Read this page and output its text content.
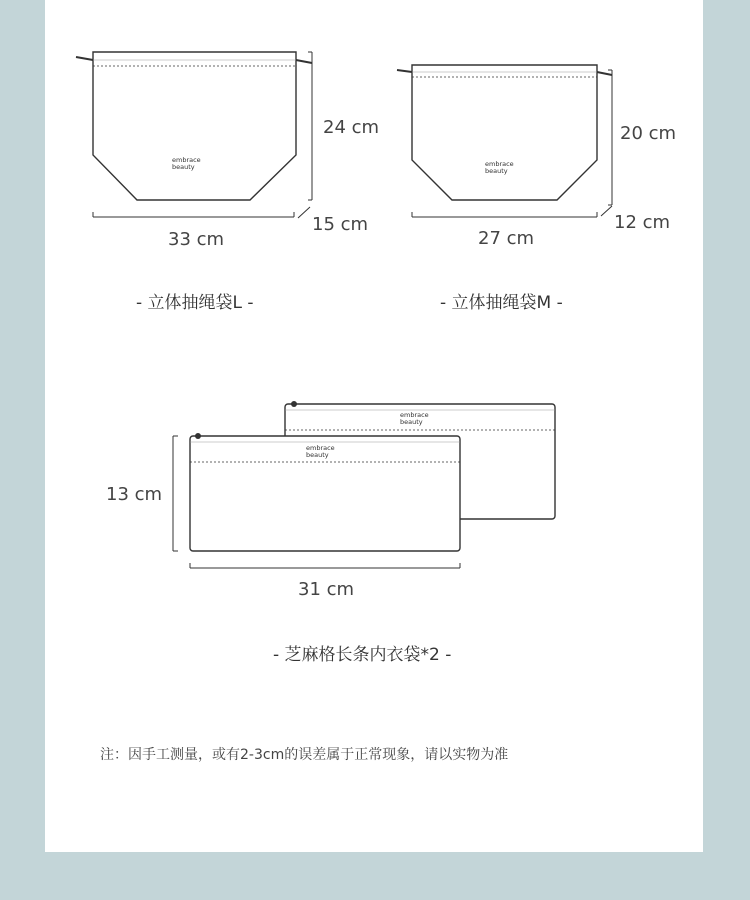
embrace
beauty	embrace
beauty
embrace
beauty
embrace
beauty
24 cm
33 cm
15 cm
- 立体抽绳袋L -
20 cm
27 cm
12 cm
- 立体抽绳袋M -
13 cm
31 cm
- 芝麻格长条内衣袋*2 -
注：因手工测量，或有2-3cm的误差属于正常现象，请以实物为准
